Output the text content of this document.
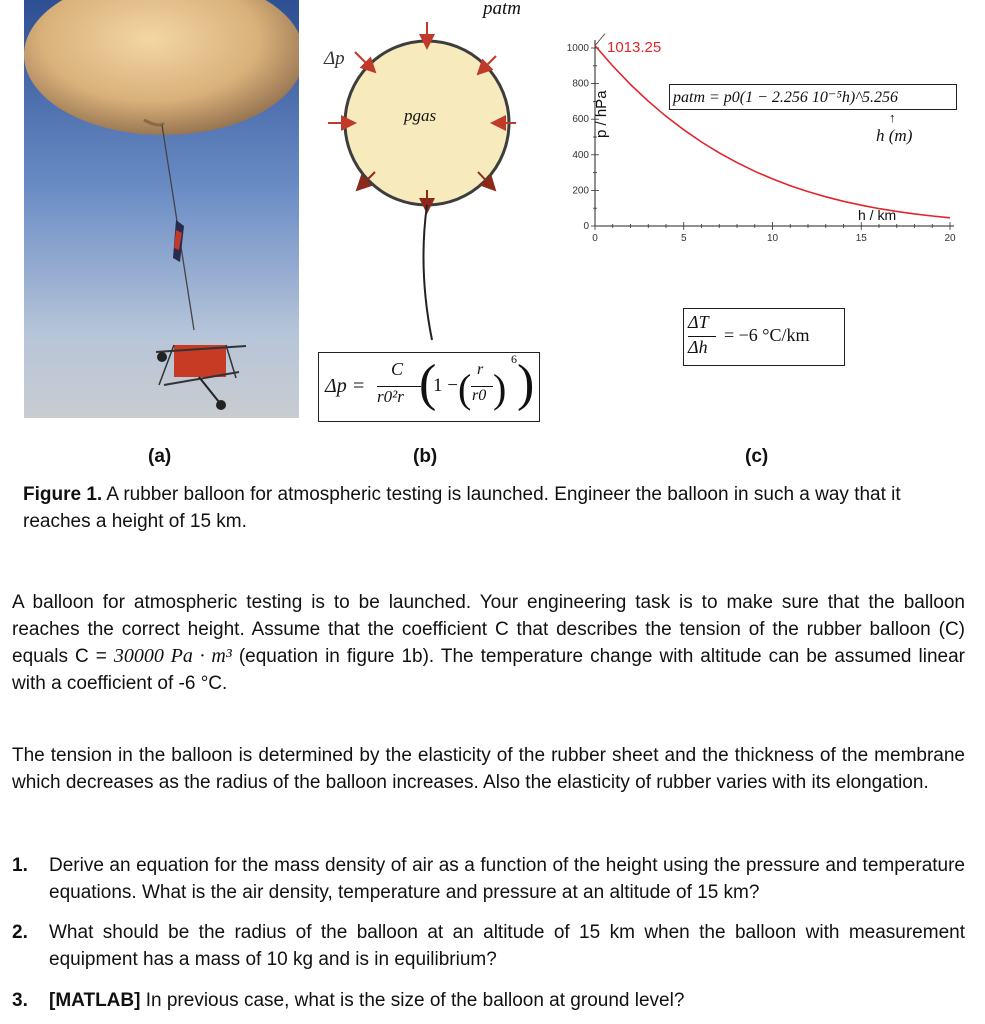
patm
Δp
pgas
Δp =
C
r0²r (
1 − ( r
r0 )
6 )
0	5	10	15	20
0
200
400
600
800
1000 1013.25
p / hPa
h / km
patm = p0(1 − 2.256 10⁻⁵h)^5.256
↑
h (m)
ΔT
Δh
= −6 °C/km
(a)	(b)	(c)
Figure 1. A rubber balloon for atmospheric testing is launched. Engineer the balloon in such a way that it reaches a height of 15 km.
A balloon for atmospheric testing is to be launched. Your engineering task is to make sure that the balloon reaches the correct height. Assume that the coefficient C that describes the tension of the rubber balloon (C) equals C = 30000 Pa · m³ (equation in figure 1b). The temperature change with altitude can be assumed linear with a coefficient of -6 °C.
The tension in the balloon is determined by the elasticity of the rubber sheet and the thickness of the membrane which decreases as the radius of the balloon increases. Also the elasticity of rubber varies with its elongation.
1. Derive an equation for the mass density of air as a function of the height using the pressure and temperature equations. What is the air density, temperature and pressure at an altitude of 15 km?
2. What should be the radius of the balloon at an altitude of 15 km when the balloon with measurement equipment has a mass of 10 kg and is in equilibrium?
3. [MATLAB] In previous case, what is the size of the balloon at ground level?
